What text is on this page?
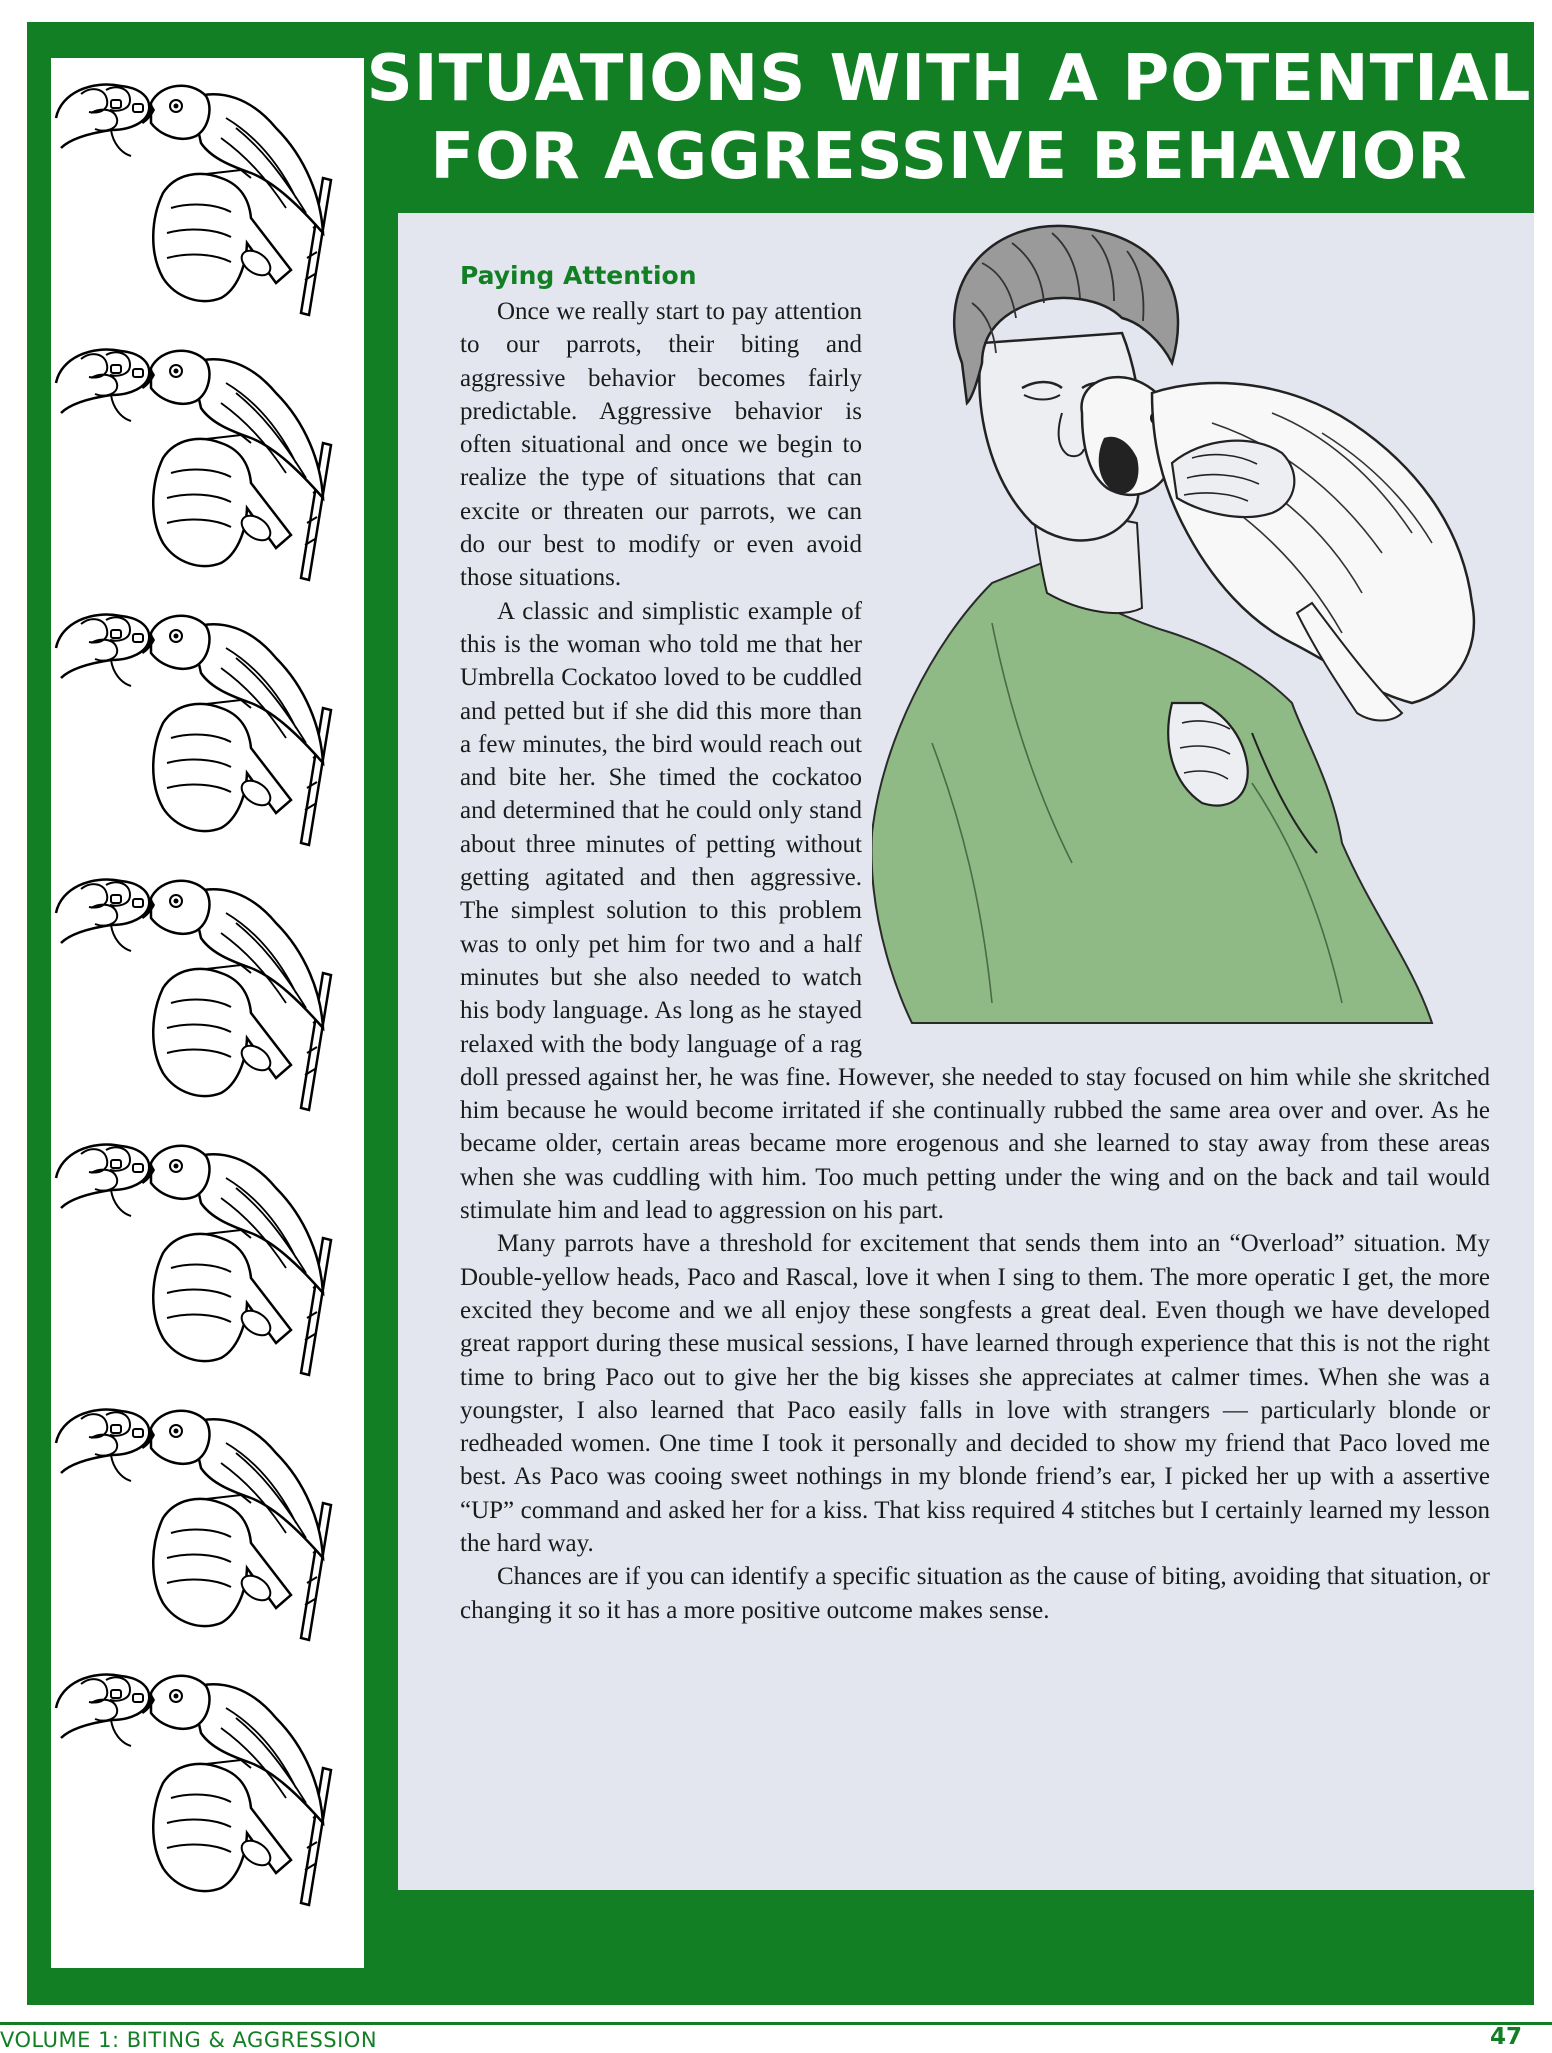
SITUATIONS WITH A POTENTIAL
FOR AGGRESSIVE BEHAVIOR
Paying Attention

Once we really start to pay attention to our parrots, their biting and aggressive behavior becomes fairly predictable. Aggressive behavior is often situational and once we begin to realize the type of situations that can excite or threaten our parrots, we can do our best to modify or even avoid those situations.

A classic and simplistic example of this is the woman who told me that her Umbrella Cockatoo loved to be cuddled and petted but if she did this more than a few minutes, the bird would reach out and bite her. She timed the cockatoo and determined that he could only stand about three minutes of petting without getting agitated and then aggressive. The simplest solution to this problem was to only pet him for two and a half minutes but she also needed to watch his body language. As long as he stayed relaxed with the body language of a rag doll pressed against her, he was fine. However, she needed to stay focused on him while she skritched him because he would become irritated if she continually rubbed the same area over and over. As he became older, certain areas became more erogenous and she learned to stay away from these areas when she was cuddling with him. Too much petting under the wing and on the back and tail would stimulate him and lead to aggression on his part.

Many parrots have a threshold for excitement that sends them into an “Overload” situation. My Double-yellow heads, Paco and Rascal, love it when I sing to them. The more operatic I get, the more excited they become and we all enjoy these songfests a great deal. Even though we have developed great rapport during these musical sessions, I have learned through experience that this is not the right time to bring Paco out to give her the big kisses she appreciates at calmer times. When she was a youngster, I also learned that Paco easily falls in love with strangers — particularly blonde or redheaded women. One time I took it personally and decided to show my friend that Paco loved me best. As Paco was cooing sweet nothings in my blonde friend’s ear, I picked her up with a assertive “UP” command and asked her for a kiss. That kiss required 4 stitches but I certainly learned my lesson the hard way.

Chances are if you can identify a specific situation as the cause of biting, avoiding that situation, or changing it so it has a more positive outcome makes sense.

VOLUME 1: BITING & AGGRESSION	47
